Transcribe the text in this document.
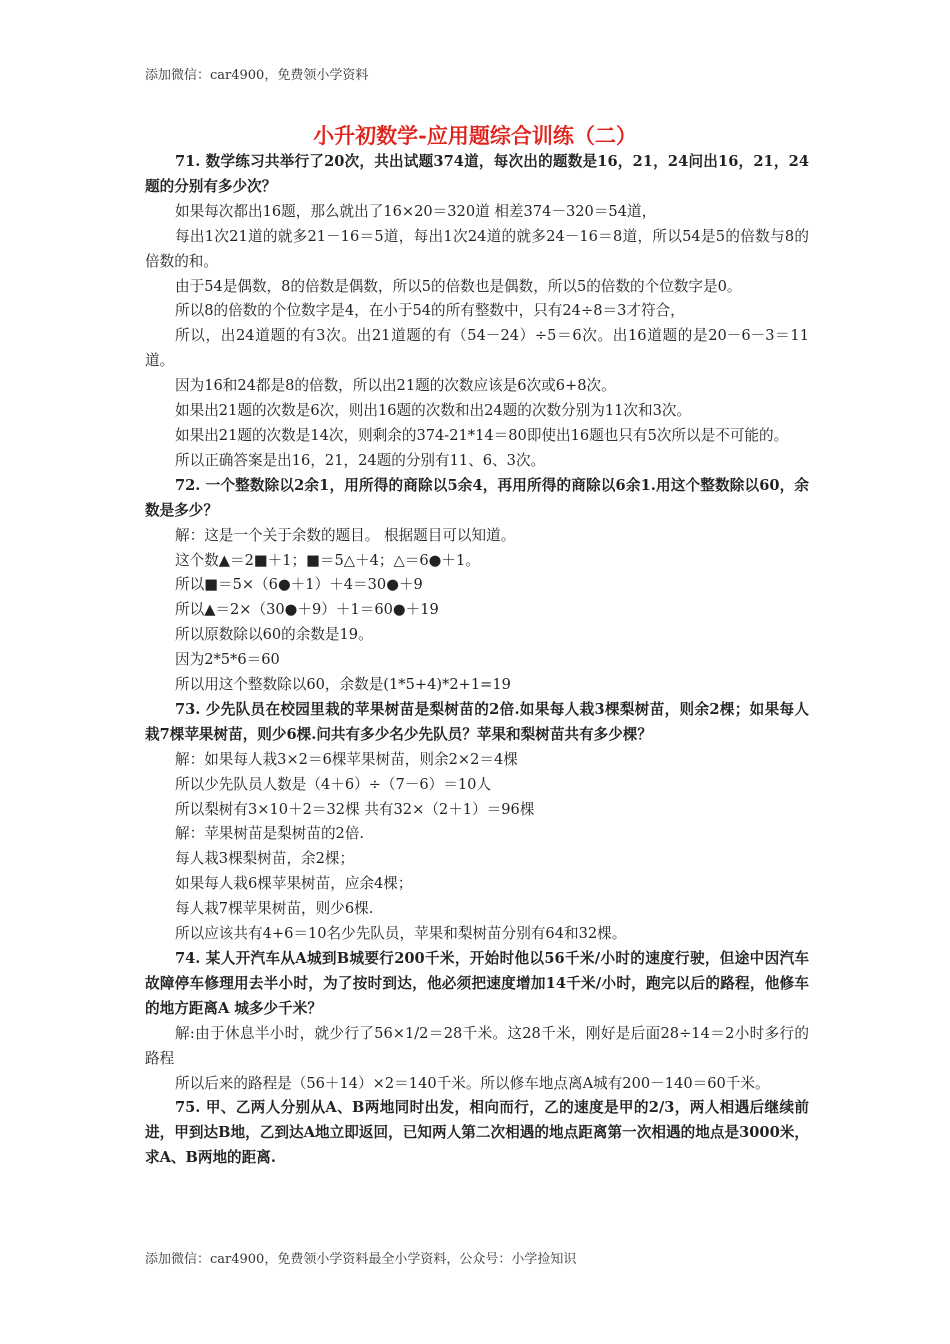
添加微信：car4900，免费领小学资料
小升初数学-应用题综合训练（二）

71. 数学练习共举行了20次，共出试题374道，每次出的题数是16，21，24问出16，21，24题的分别有多少次？

如果每次都出16题，那么就出了16×20＝320道 相差374－320＝54道，

每出1次21道的就多21－16＝5道，每出1次24道的就多24－16＝8道，所以54是5的倍数与8的倍数的和。

由于54是偶数，8的倍数是偶数，所以5的倍数也是偶数，所以5的倍数的个位数字是0。

所以8的倍数的个位数字是4，在小于54的所有整数中，只有24÷8＝3才符合，

所以，出24道题的有3次。出21道题的有（54－24）÷5＝6次。出16道题的是20－6－3＝11道。

因为16和24都是8的倍数，所以出21题的次数应该是6次或6+8次。

如果出21题的次数是6次，则出16题的次数和出24题的次数分别为11次和3次。

如果出21题的次数是14次，则剩余的374-21*14＝80即使出16题也只有5次所以是不可能的。

所以正确答案是出16，21，24题的分别有11、6、3次。

72. 一个整数除以2余1，用所得的商除以5余4，再用所得的商除以6余1.用这个整数除以60，余数是多少？

解：这是一个关于余数的题目。 根据题目可以知道。

这个数▲＝2■＋1；■＝5△＋4；△＝6●＋1。

所以■＝5×（6●＋1）＋4＝30●＋9

所以▲＝2×（30●＋9）＋1＝60●＋19

所以原数除以60的余数是19。

因为2*5*6＝60

所以用这个整数除以60，余数是(1*5+4)*2+1=19

73. 少先队员在校园里栽的苹果树苗是梨树苗的2倍.如果每人栽3棵梨树苗，则余2棵；如果每人栽7棵苹果树苗，则少6棵.问共有多少名少先队员？苹果和梨树苗共有多少棵？

解：如果每人栽3×2＝6棵苹果树苗，则余2×2＝4棵

所以少先队员人数是（4＋6）÷（7－6）＝10人

所以梨树有3×10＋2＝32棵 共有32×（2＋1）＝96棵

解：苹果树苗是梨树苗的2倍.

每人栽3棵梨树苗，余2棵；

如果每人栽6棵苹果树苗，应余4棵；

每人栽7棵苹果树苗，则少6棵.

所以应该共有4+6＝10名少先队员，苹果和梨树苗分别有64和32棵。

74. 某人开汽车从A城到B城要行200千米，开始时他以56千米/小时的速度行驶，但途中因汽车故障停车修理用去半小时，为了按时到达，他必须把速度增加14千米/小时，跑完以后的路程，他修车的地方距离A 城多少千米？

解:由于休息半小时，就少行了56×1/2＝28千米。这28千米，刚好是后面28÷14＝2小时多行的路程

所以后来的路程是（56＋14）×2＝140千米。所以修车地点离A城有200－140＝60千米。

75. 甲、乙两人分别从A、B两地同时出发，相向而行，乙的速度是甲的2/3，两人相遇后继续前进，甲到达B地，乙到达A地立即返回，已知两人第二次相遇的地点距离第一次相遇的地点是3000米，求A、B两地的距离.

添加微信：car4900，免费领小学资料最全小学资料，公众号：小学捡知识
